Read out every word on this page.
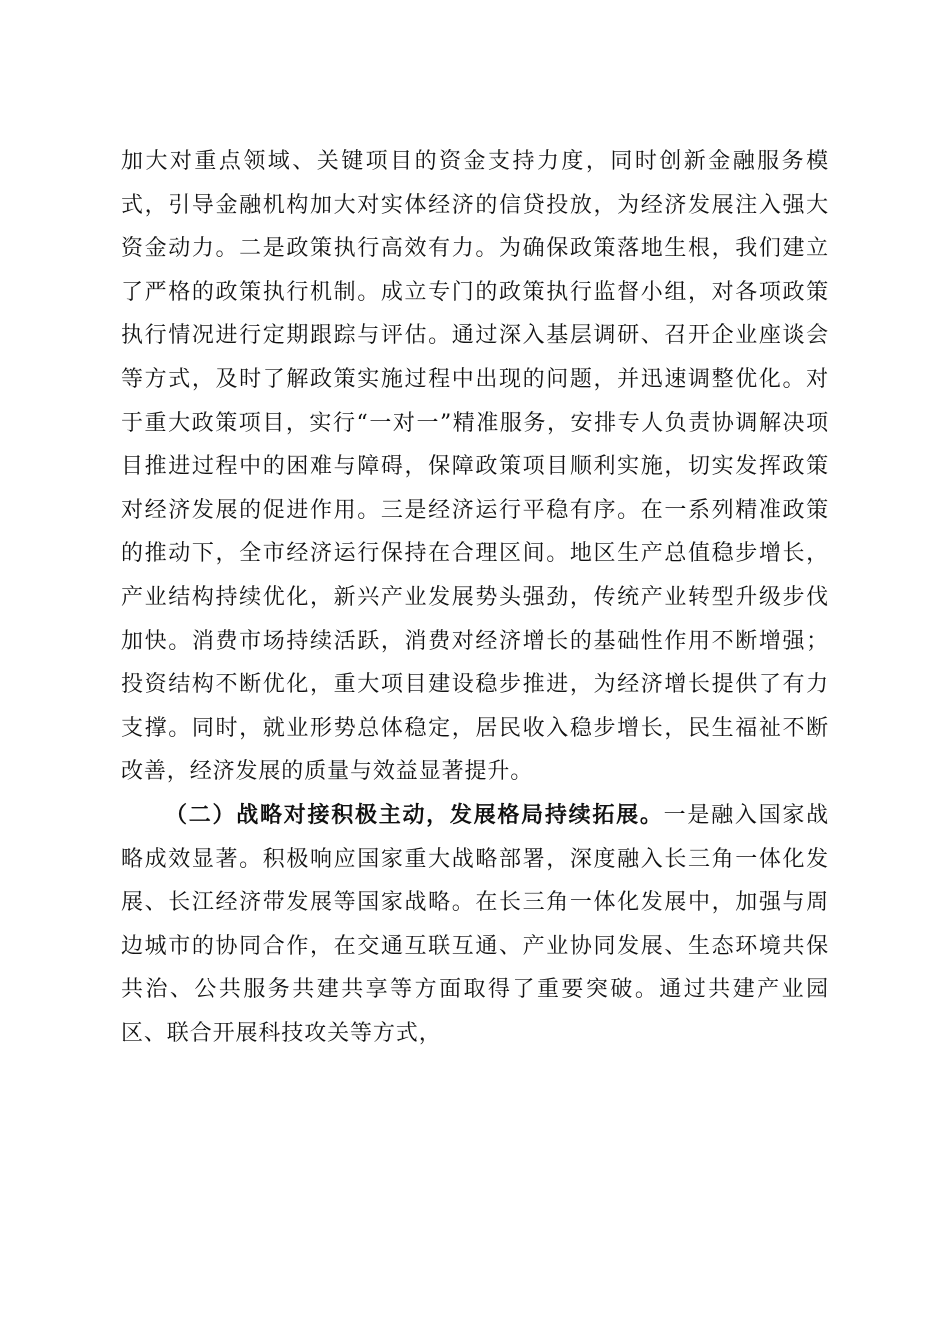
加大对重点领域、关键项目的资金支持力度，同时创新金融服务模式，引导金融机构加大对实体经济的信贷投放，为经济发展注入强大资金动力。二是政策执行高效有力。为确保政策落地生根，我们建立了严格的政策执行机制。成立专门的政策执行监督小组，对各项政策执行情况进行定期跟踪与评估。通过深入基层调研、召开企业座谈会等方式，及时了解政策实施过程中出现的问题，并迅速调整优化。对于重大政策项目，实行“一对一”精准服务，安排专人负责协调解决项目推进过程中的困难与障碍，保障政策项目顺利实施，切实发挥政策对经济发展的促进作用。三是经济运行平稳有序。在一系列精准政策的推动下，全市经济运行保持在合理区间。地区生产总值稳步增长，产业结构持续优化，新兴产业发展势头强劲，传统产业转型升级步伐加快。消费市场持续活跃，消费对经济增长的基础性作用不断增强；投资结构不断优化，重大项目建设稳步推进，为经济增长提供了有力支撑。同时，就业形势总体稳定，居民收入稳步增长，民生福祉不断改善，经济发展的质量与效益显著提升。

（二）战略对接积极主动，发展格局持续拓展。一是融入国家战略成效显著。积极响应国家重大战略部署，深度融入长三角一体化发展、长江经济带发展等国家战略。在长三角一体化发展中，加强与周边城市的协同合作，在交通互联互通、产业协同发展、生态环境共保共治、公共服务共建共享等方面取得了重要突破。通过共建产业园区、联合开展科技攻关等方式，
